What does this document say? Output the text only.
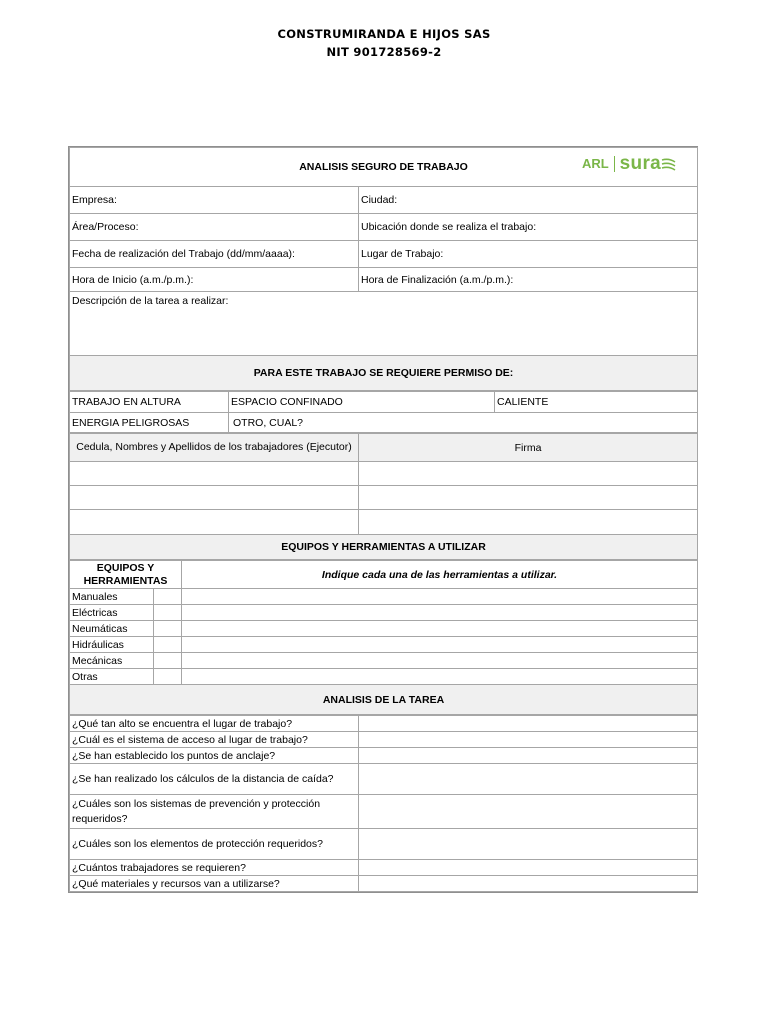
CONSTRUMIRANDA E HIJOS SAS
NIT 901728569-2
ANALISIS SEGURO DE TRABAJO ARL sura	

Empresa:	Ciudad:
Área/Proceso:	Ubicación donde se realiza el trabajo:
Fecha de realización del Trabajo (dd/mm/aaaa):	Lugar de Trabajo:
Hora de Inicio (a.m./p.m.):	Hora de Finalización (a.m./p.m.):
Descripción de la tarea a realizar:	
PARA ESTE TRABAJO SE REQUIERE PERMISO DE:	
TRABAJO EN ALTURA	ESPACIO CONFINADO	CALIENTE
ENERGIA PELIGROSAS	OTRO, CUAL?	
Cedula, Nombres y Apellidos de los trabajadores (Ejecutor)	Firma

EQUIPOS Y HERRAMIENTAS A UTILIZAR	
EQUIPOS Y HERRAMIENTAS		Indique cada una de las herramientas a utilizar.
Manuales		
Eléctricas		
Neumáticas		
Hidráulicas		
Mecánicas		
Otras		
ANALISIS DE LA TAREA		
¿Qué tan alto se encuentra el lugar de trabajo?	
¿Cuál es el sistema de acceso al lugar de trabajo?	
¿Se han establecido los puntos de anclaje?	
¿Se han realizado los cálculos de la distancia de caída?	
¿Cuáles son los sistemas de prevención y protección requeridos?	
¿Cuáles son los elementos de protección requeridos?	
¿Cuántos trabajadores se requieren?	
¿Qué materiales y recursos van a utilizarse?	
